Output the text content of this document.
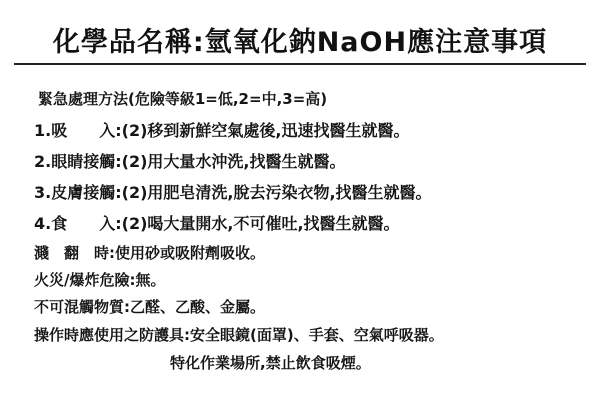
化學品名稱:氫氧化鈉NaOH應注意事項
緊急處理方法(危險等級1=低,2=中,3=高)
1.吸　　入:(2)移到新鮮空氣處後,迅速找醫生就醫。
2.眼睛接觸:(2)用大量水沖洗,找醫生就醫。
3.皮膚接觸:(2)用肥皂清洗,脫去污染衣物,找醫生就醫。
4.食　　入:(2)喝大量開水,不可催吐,找醫生就醫。
濺　翻　時:使用砂或吸附劑吸收。
火災/爆炸危險:無。
不可混觸物質:乙醛、乙酸、金屬。
操作時應使用之防護具:安全眼鏡(面罩)、手套、空氣呼吸器。
特化作業場所,禁止飲食吸煙。
